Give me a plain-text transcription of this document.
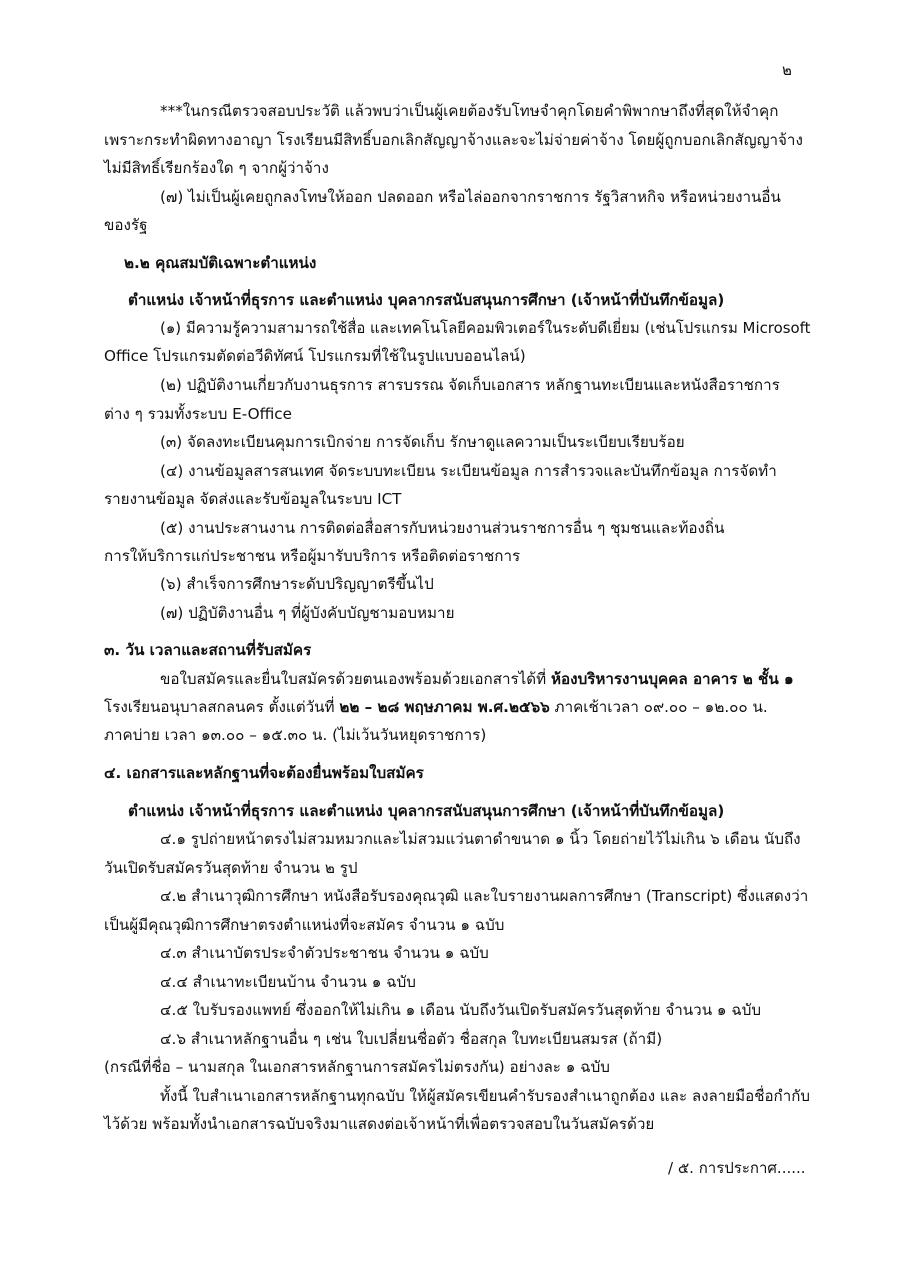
๒
***ในกรณีตรวจสอบประวัติ แล้วพบว่าเป็นผู้เคยต้องรับโทษจำคุกโดยคำพิพากษาถึงที่สุดให้จำคุก
เพราะกระทำผิดทางอาญา โรงเรียนมีสิทธิ์บอกเลิกสัญญาจ้างและจะไม่จ่ายค่าจ้าง โดยผู้ถูกบอกเลิกสัญญาจ้าง
ไม่มีสิทธิ์เรียกร้องใด ๆ จากผู้ว่าจ้าง
(๗) ไม่เป็นผู้เคยถูกลงโทษให้ออก ปลดออก หรือไล่ออกจากราชการ รัฐวิสาหกิจ หรือหน่วยงานอื่น
ของรัฐ
๒.๒ คุณสมบัติเฉพาะตำแหน่ง
ตำแหน่ง เจ้าหน้าที่ธุรการ และตำแหน่ง บุคลากรสนับสนุนการศึกษา (เจ้าหน้าที่บันทึกข้อมูล)
(๑) มีความรู้ความสามารถใช้สื่อ และเทคโนโลยีคอมพิวเตอร์ในระดับดีเยี่ยม (เช่นโปรแกรม Microsoft
Office โปรแกรมตัดต่อวีดิทัศน์ โปรแกรมที่ใช้ในรูปแบบออนไลน์)
(๒) ปฏิบัติงานเกี่ยวกับงานธุรการ สารบรรณ จัดเก็บเอกสาร หลักฐานทะเบียนและหนังสือราชการ
ต่าง ๆ รวมทั้งระบบ E-Office
(๓) จัดลงทะเบียนคุมการเบิกจ่าย การจัดเก็บ รักษาดูแลความเป็นระเบียบเรียบร้อย
(๔) งานข้อมูลสารสนเทศ จัดระบบทะเบียน ระเบียนข้อมูล การสำรวจและบันทึกข้อมูล การจัดทำ
รายงานข้อมูล จัดส่งและรับข้อมูลในระบบ ICT
(๕) งานประสานงาน การติดต่อสื่อสารกับหน่วยงานส่วนราชการอื่น ๆ ชุมชนและท้องถิ่น
การให้บริการแก่ประชาชน หรือผู้มารับบริการ หรือติดต่อราชการ
(๖) สำเร็จการศึกษาระดับปริญญาตรีขึ้นไป
(๗) ปฏิบัติงานอื่น ๆ ที่ผู้บังคับบัญชามอบหมาย
๓. วัน เวลาและสถานที่รับสมัคร
ขอใบสมัครและยื่นใบสมัครด้วยตนเองพร้อมด้วยเอกสารได้ที่ ห้องบริหารงานบุคคล อาคาร ๒ ชั้น ๑
โรงเรียนอนุบาลสกลนคร ตั้งแต่วันที่ ๒๒ – ๒๘ พฤษภาคม พ.ศ.๒๕๖๖ ภาคเช้าเวลา ๐๙.๐๐ – ๑๒.๐๐ น.
ภาคบ่าย เวลา ๑๓.๐๐ – ๑๕.๓๐ น. (ไม่เว้นวันหยุดราชการ)
๔. เอกสารและหลักฐานที่จะต้องยื่นพร้อมใบสมัคร
ตำแหน่ง เจ้าหน้าที่ธุรการ และตำแหน่ง บุคลากรสนับสนุนการศึกษา (เจ้าหน้าที่บันทึกข้อมูล)
๔.๑ รูปถ่ายหน้าตรงไม่สวมหมวกและไม่สวมแว่นตาดำขนาด ๑ นิ้ว โดยถ่ายไว้ไม่เกิน ๖ เดือน นับถึง
วันเปิดรับสมัครวันสุดท้าย จำนวน ๒ รูป
๔.๒ สำเนาวุฒิการศึกษา หนังสือรับรองคุณวุฒิ และใบรายงานผลการศึกษา (Transcript) ซึ่งแสดงว่า
เป็นผู้มีคุณวุฒิการศึกษาตรงตำแหน่งที่จะสมัคร จำนวน ๑ ฉบับ
๔.๓ สำเนาบัตรประจำตัวประชาชน จำนวน ๑ ฉบับ
๔.๔ สำเนาทะเบียนบ้าน จำนวน ๑ ฉบับ
๔.๕ ใบรับรองแพทย์ ซึ่งออกให้ไม่เกิน ๑ เดือน นับถึงวันเปิดรับสมัครวันสุดท้าย จำนวน ๑ ฉบับ
๔.๖ สำเนาหลักฐานอื่น ๆ เช่น ใบเปลี่ยนชื่อตัว ชื่อสกุล ใบทะเบียนสมรส (ถ้ามี)
(กรณีที่ชื่อ – นามสกุล ในเอกสารหลักฐานการสมัครไม่ตรงกัน) อย่างละ ๑ ฉบับ
ทั้งนี้ ใบสำเนาเอกสารหลักฐานทุกฉบับ ให้ผู้สมัครเขียนคำรับรองสำเนาถูกต้อง และ ลงลายมือชื่อกำกับ
ไว้ด้วย พร้อมทั้งนำเอกสารฉบับจริงมาแสดงต่อเจ้าหน้าที่เพื่อตรวจสอบในวันสมัครด้วย
/ ๕. การประกาศ......
